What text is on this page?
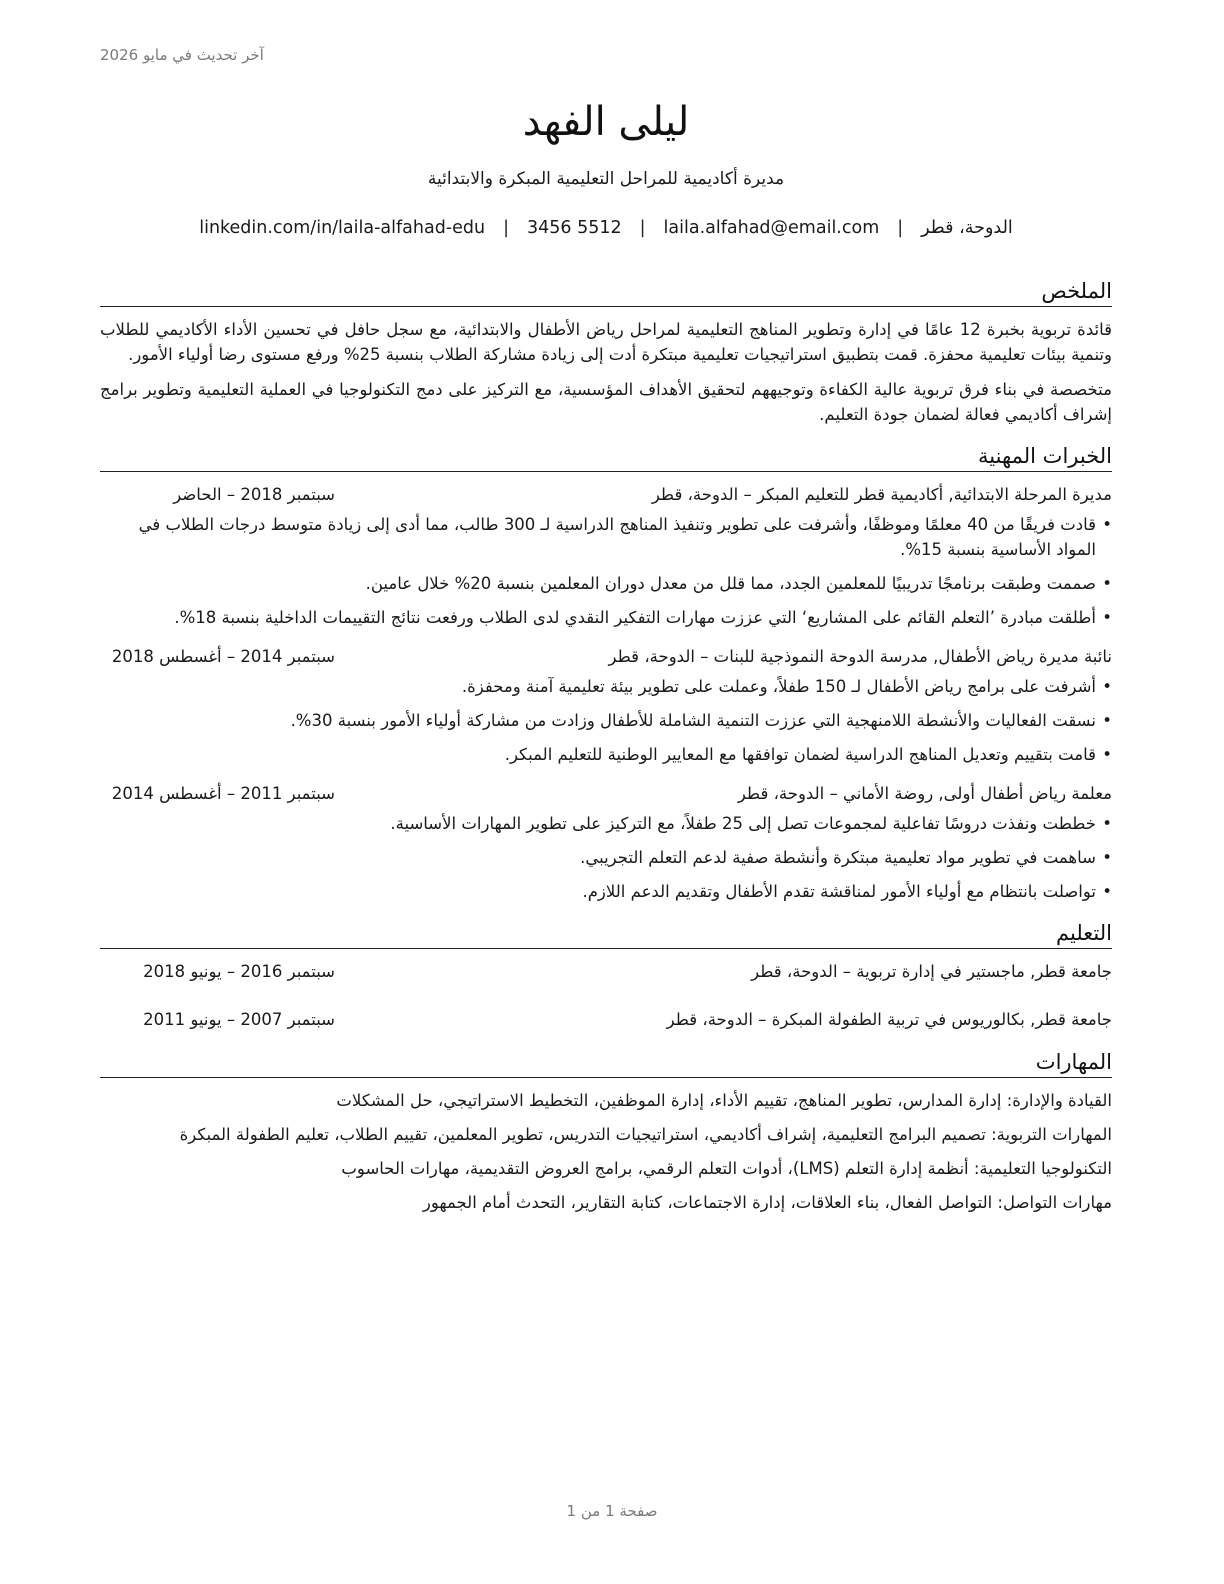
آخر تحديث في مايو 2026
ليلى الفهد
مديرة أكاديمية للمراحل التعليمية المبكرة والابتدائية
الدوحة، قطر
|
laila.alfahad@email.com
|
3456 5512
|
linkedin.com/in/laila-alfahad-edu
الملخص

قائدة تربوية بخبرة 12 عامًا في إدارة وتطوير المناهج التعليمية لمراحل رياض الأطفال والابتدائية، مع سجل حافل في تحسين الأداء الأكاديمي للطلاب وتنمية بيئات تعليمية محفزة. قمت بتطبيق استراتيجيات تعليمية مبتكرة أدت إلى زيادة مشاركة الطلاب بنسبة 25% ورفع مستوى رضا أولياء الأمور.

متخصصة في بناء فرق تربوية عالية الكفاءة وتوجيههم لتحقيق الأهداف المؤسسية، مع التركيز على دمج التكنولوجيا في العملية التعليمية وتطوير برامج إشراف أكاديمي فعالة لضمان جودة التعليم.

الخبرات المهنية
مديرة المرحلة الابتدائية, أكاديمية قطر للتعليم المبكر – الدوحة، قطر
سبتمبر 2018 – الحاضر
• قادت فريقًا من 40 معلمًا وموظفًا، وأشرفت على تطوير وتنفيذ المناهج الدراسية لـ 300 طالب، مما أدى إلى زيادة متوسط درجات الطلاب في المواد الأساسية بنسبة 15%.
• صممت وطبقت برنامجًا تدريبيًا للمعلمين الجدد، مما قلل من معدل دوران المعلمين بنسبة 20% خلال عامين.
• أطلقت مبادرة ’التعلم القائم على المشاريع‘ التي عززت مهارات التفكير النقدي لدى الطلاب ورفعت نتائج التقييمات الداخلية بنسبة 18%.
نائبة مديرة رياض الأطفال, مدرسة الدوحة النموذجية للبنات – الدوحة، قطر
سبتمبر 2014 – أغسطس 2018
• أشرفت على برامج رياض الأطفال لـ 150 طفلاً، وعملت على تطوير بيئة تعليمية آمنة ومحفزة.
• نسقت الفعاليات والأنشطة اللامنهجية التي عززت التنمية الشاملة للأطفال وزادت من مشاركة أولياء الأمور بنسبة 30%.
• قامت بتقييم وتعديل المناهج الدراسية لضمان توافقها مع المعايير الوطنية للتعليم المبكر.
معلمة رياض أطفال أولى, روضة الأماني – الدوحة، قطر
سبتمبر 2011 – أغسطس 2014
• خططت ونفذت دروسًا تفاعلية لمجموعات تصل إلى 25 طفلاً، مع التركيز على تطوير المهارات الأساسية.
• ساهمت في تطوير مواد تعليمية مبتكرة وأنشطة صفية لدعم التعلم التجريبي.
• تواصلت بانتظام مع أولياء الأمور لمناقشة تقدم الأطفال وتقديم الدعم اللازم.
التعليم
جامعة قطر, ماجستير في إدارة تربوية – الدوحة، قطر
سبتمبر 2016 – يونيو 2018
جامعة قطر, بكالوريوس في تربية الطفولة المبكرة – الدوحة، قطر
سبتمبر 2007 – يونيو 2011
المهارات
القيادة والإدارة: إدارة المدارس، تطوير المناهج، تقييم الأداء، إدارة الموظفين، التخطيط الاستراتيجي، حل المشكلات
المهارات التربوية: تصميم البرامج التعليمية، إشراف أكاديمي، استراتيجيات التدريس، تطوير المعلمين، تقييم الطلاب، تعليم الطفولة المبكرة
التكنولوجيا التعليمية: أنظمة إدارة التعلم (LMS)، أدوات التعلم الرقمي، برامج العروض التقديمية، مهارات الحاسوب
مهارات التواصل: التواصل الفعال، بناء العلاقات، إدارة الاجتماعات، كتابة التقارير، التحدث أمام الجمهور
صفحة 1 من 1
